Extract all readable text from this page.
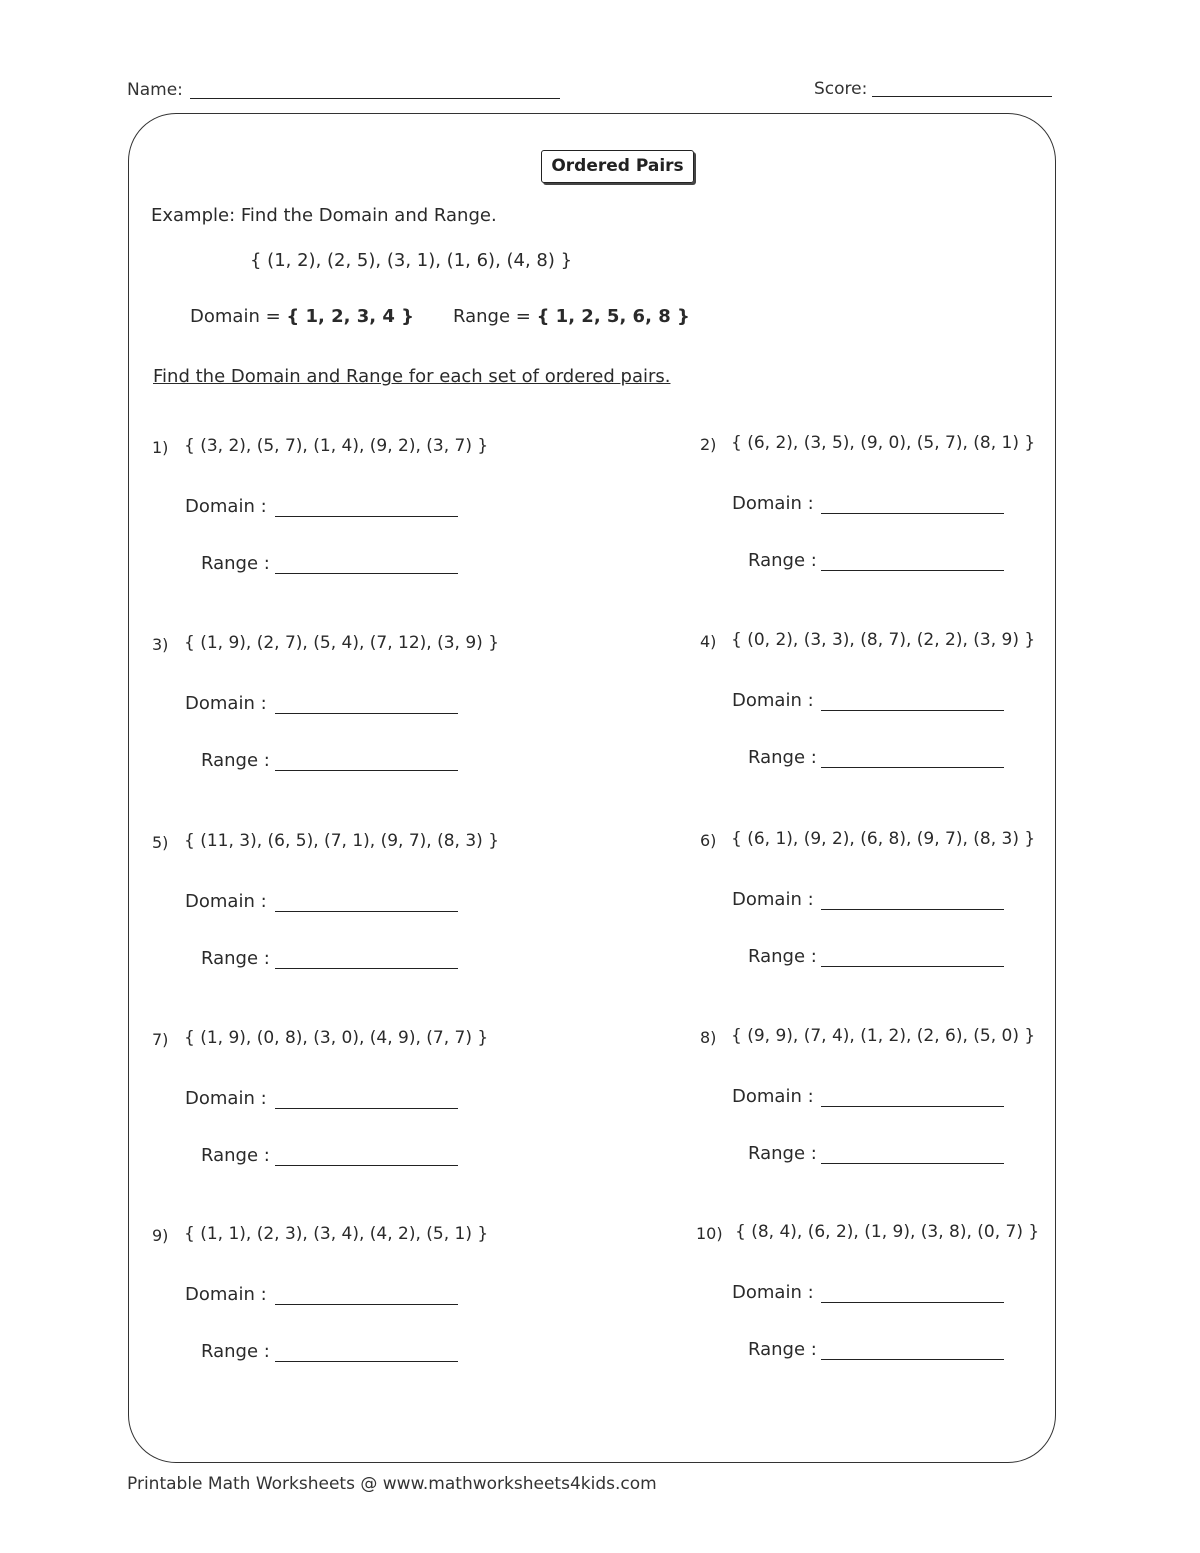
Name:	Score:
Ordered Pairs
Example: Find the Domain and Range.
{ (1, 2), (2, 5), (3, 1), (1, 6), (4, 8) }
Domain = { 1, 2, 3, 4 } Range = { 1, 2, 5, 6, 8 }
Find the Domain and Range for each set of ordered pairs.
1) { (3, 2), (5, 7), (1, 4), (9, 2), (3, 7) }
Domain :
Range :
2) { (6, 2), (3, 5), (9, 0), (5, 7), (8, 1) }
Domain :
Range :
3) { (1, 9), (2, 7), (5, 4), (7, 12), (3, 9) }
Domain :
Range :
4) { (0, 2), (3, 3), (8, 7), (2, 2), (3, 9) }
Domain :
Range :
5) { (11, 3), (6, 5), (7, 1), (9, 7), (8, 3) }
Domain :
Range :
6) { (6, 1), (9, 2), (6, 8), (9, 7), (8, 3) }
Domain :
Range :
7) { (1, 9), (0, 8), (3, 0), (4, 9), (7, 7) }
Domain :
Range :
8) { (9, 9), (7, 4), (1, 2), (2, 6), (5, 0) }
Domain :
Range :
9) { (1, 1), (2, 3), (3, 4), (4, 2), (5, 1) }
Domain :
Range :
10) { (8, 4), (6, 2), (1, 9), (3, 8), (0, 7) }
Domain :
Range :
Printable Math Worksheets @ www.mathworksheets4kids.com
